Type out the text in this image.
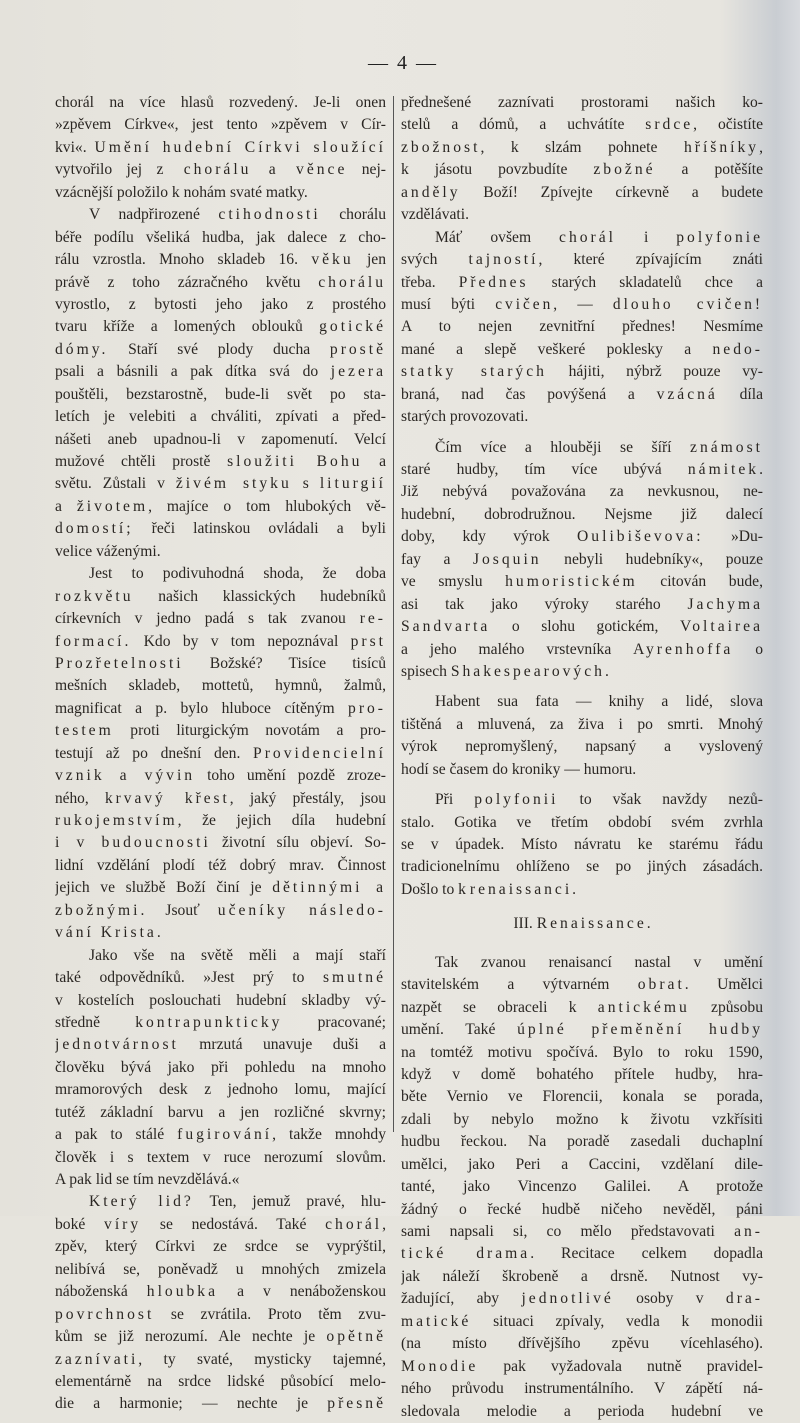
— 4 —
chorál na více hlasů rozvedený. Je-li onen
»zpěvem Církve«, jest tento »zpěvem v Cír-
kvi«. Umění hudební Církvi sloužící
vytvořilo jej z chorálu a věnce nej-
vzácnější položilo k nohám svaté matky.
V nadpřirozené ctihodnosti chorálu
béře podílu všeliká hudba, jak dalece z cho-
rálu vzrostla. Mnoho skladeb 16. věku jen
právě z toho zázračného květu chorálu
vyrostlo, z bytosti jeho jako z prostého
tvaru kříže a lomených oblouků gotické
dómy. Staří své plody ducha prostě
psali a básnili a pak dítka svá do jezera
pouštěli, bezstarostně, bude-li svět po sta-
letích je velebiti a chváliti, zpívati a před-
nášeti aneb upadnou-li v zapomenutí. Velcí
mužové chtěli prostě sloužiti Bohu a
světu. Zůstali v živém styku s liturgií
a životem, majíce o tom hlubokých vě-
domostí; řeči latinskou ovládali a byli
velice váženými.
Jest to podivuhodná shoda, že doba
rozkvětu našich klassických hudebníků
církevních v jedno padá s tak zvanou re-
formací. Kdo by v tom nepoznával prst
Prozřetelnosti Božské? Tisíce tisíců
mešních skladeb, mottetů, hymnů, žalmů,
magnificat a p. bylo hluboce cítěným pro-
testem proti liturgickým novotám a pro-
testují až po dnešní den. Providencielní
vznik a vývin toho umění pozdě zroze-
ného, krvavý křest, jaký přestály, jsou
rukojemstvím, že jejich díla hudební
i v budoucnosti životní sílu objeví. So-
lidní vzdělání plodí též dobrý mrav. Činnost
jejich ve službě Boží činí je dětinnými a
zbožnými. Jsouť učeníky následo-
vání Krista.
Jako vše na světě měli a mají staří
také odpovědníků. »Jest prý to smutné
v kostelích poslouchati hudební skladby vý-
středně kontrapunkticky pracované;
jednotvárnost mrzutá unavuje duši a
člověku bývá jako při pohledu na mnoho
mramorových desk z jednoho lomu, mající
tutéž základní barvu a jen rozličné skvrny;
a pak to stálé fugirování, takže mnohdy
člověk i s textem v ruce nerozumí slovům.
A pak lid se tím nevzdělává.«
Který lid? Ten, jemuž pravé, hlu-
boké víry se nedostává. Také chorál,
zpěv, který Církvi ze srdce se vyprýštil,
nelibívá se, poněvadž u mnohých zmizela
náboženská hloubka a v nenáboženskou
povrchnost se zvrátila. Proto těm zvu-
kům se již nerozumí. Ale nechte je opětně
zaznívati, ty svaté, mysticky tajemné,
elementárně na srdce lidské působící melo-
die a harmonie; — nechte je přesně
přednešené zaznívati prostorami našich ko-
stelů a dómů, a uchvátíte srdce, očistíte
zbožnost, k slzám pohnete hříšníky,
k jásotu povzbudíte zbožné a potěšíte
anděly Boží! Zpívejte církevně a budete
vzdělávati.
Máť ovšem chorál i polyfonie
svých tajností, které zpívajícím znáti
třeba. Přednes starých skladatelů chce a
musí býti cvičen, — dlouho cvičen!
A to nejen zevnitřní přednes! Nesmíme
mané a slepě veškeré poklesky a nedo-
statky starých hájiti, nýbrž pouze vy-
braná, nad čas povýšená a vzácná díla
starých provozovati.
Čím více a hlouběji se šíří známost
staré hudby, tím více ubývá námitek.
Již nebývá považována za nevkusnou, ne-
hudební, dobrodružnou. Nejsme již dalecí
doby, kdy výrok Oulibiševova: »Du-
fay a Josquin nebyli hudebníky«, pouze
ve smyslu humoristickém citován bude,
asi tak jako výroky starého Jachyma
Sandvarta o slohu gotickém, Voltairea
a jeho malého vrstevníka Ayrenhoffa o
spisech Shakespearových.
Habent sua fata — knihy a lidé, slova
tištěná a mluvená, za živa i po smrti. Mnohý
výrok nepromyšlený, napsaný a vyslovený
hodí se časem do kroniky — humoru.
Při polyfonii to však navždy nezů-
stalo. Gotika ve třetím období svém zvrhla
se v úpadek. Místo návratu ke starému řádu
tradicionelnímu ohlíženo se po jiných zásadách.
Došlo to k renaissanci.
III. Renaissance.
Tak zvanou renaisancí nastal v umění
stavitelském a výtvarném obrat. Umělci
nazpět se obraceli k antickému způsobu
umění. Také úplné přeměnění hudby
na tomtéž motivu spočívá. Bylo to roku 1590,
když v domě bohatého přítele hudby, hra-
běte Vernio ve Florencii, konala se porada,
zdali by nebylo možno k životu vzkřísiti
hudbu řeckou. Na poradě zasedali duchaplní
umělci, jako Peri a Caccini, vzdělaní dile-
tanté, jako Vincenzo Galilei. A protože
žádný o řecké hudbě ničeho nevěděl, páni
sami napsali si, co mělo představovati an-
tické drama. Recitace celkem dopadla
jak náleží škrobeně a drsně. Nutnost vy-
žadující, aby jednotlivé osoby v dra-
matické situaci zpívaly, vedla k monodii
(na místo dřívějšího zpěvu vícehlasého).
Monodie pak vyžadovala nutně pravidel-
ného průvodu instrumentálního. V zápětí ná-
sledovala melodie a perioda hudební ve
